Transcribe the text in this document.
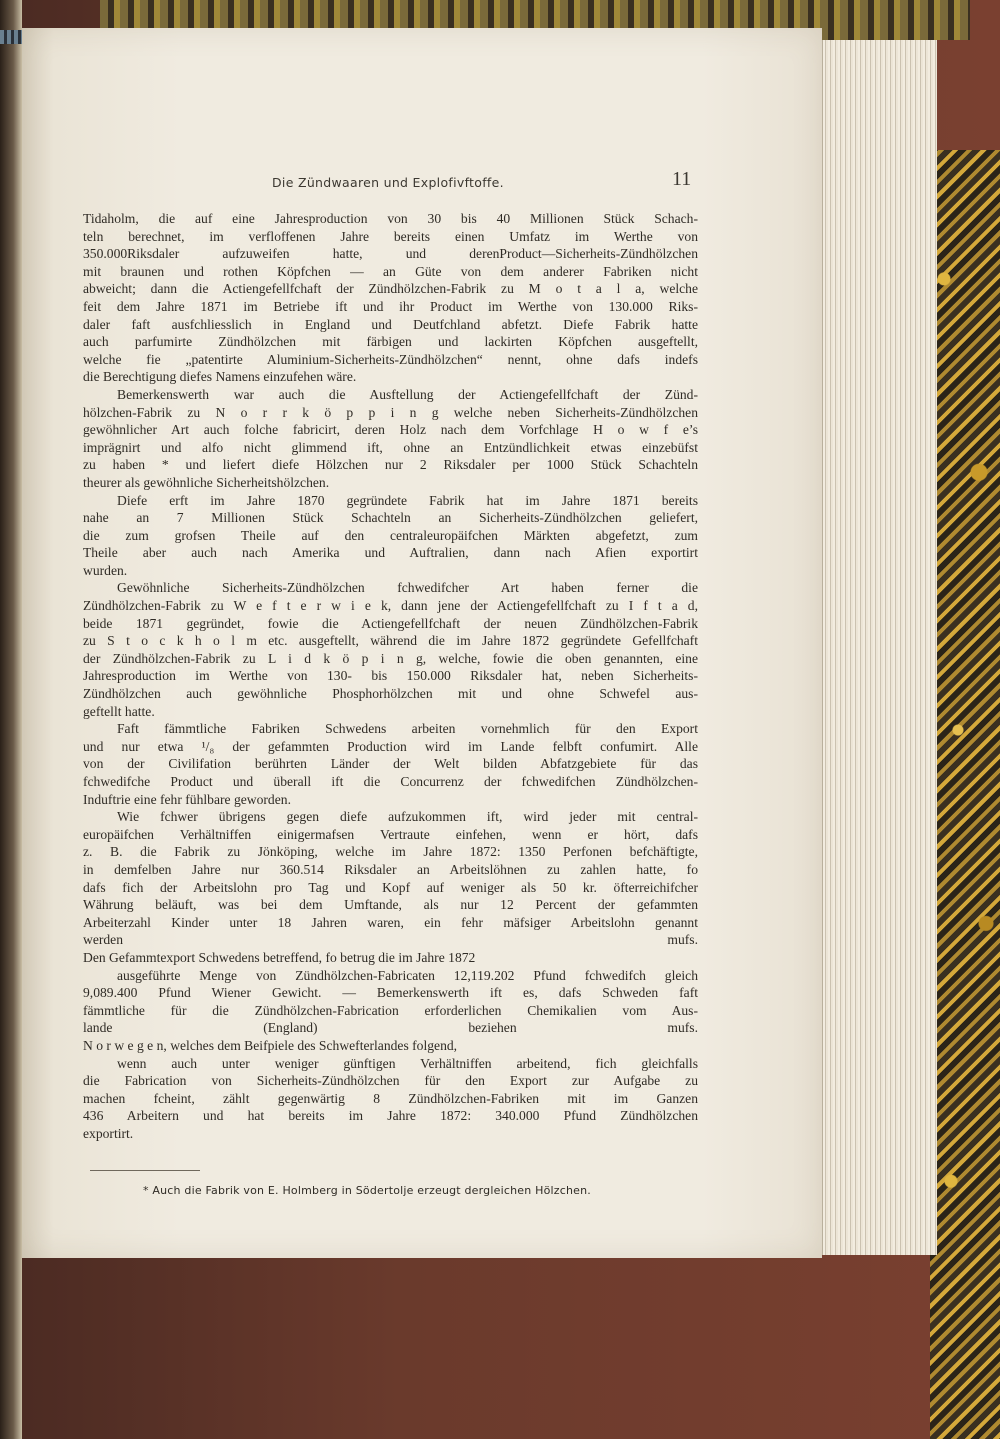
Die Zündwaaren und Explofivftoffe.	11
Tidaholm, die auf eine Jahresproduction von 30 bis 40 Millionen Stück Schach-
teln berechnet, im verfloffenen Jahre bereits einen Umfatz im Werthe von
350.000Riksdaler aufzuweifen hatte, und derenProduct—Sicherheits-Zündhölzchen
mit braunen und rothen Köpfchen — an Güte von dem anderer Fabriken nicht
abweicht; dann die Actiengefellfchaft der Zündhölzchen-Fabrik zu M o t a l a, welche
feit dem Jahre 1871 im Betriebe ift und ihr Product im Werthe von 130.000 Riks-
daler faft ausfchliesslich in England und Deutfchland abfetzt. Diefe Fabrik hatte
auch parfumirte Zündhölzchen mit färbigen und lackirten Köpfchen ausgeftellt,
welche fie „patentirte Aluminium-Sicherheits-Zündhölzchen“ nennt, ohne dafs indefs
die Berechtigung diefes Namens einzufehen wäre.
Bemerkenswerth war auch die Ausftellung der Actiengefellfchaft der Zünd-
hölzchen-Fabrik zu N o r r k ö p p i n g welche neben Sicherheits-Zündhölzchen
gewöhnlicher Art auch folche fabricirt, deren Holz nach dem Vorfchlage H o w f e’s
imprägnirt und alfo nicht glimmend ift, ohne an Entzündlichkeit etwas einzebüfst
zu haben * und liefert diefe Hölzchen nur 2 Riksdaler per 1000 Stück Schachteln
theurer als gewöhnliche Sicherheitshölzchen.
Diefe erft im Jahre 1870 gegründete Fabrik hat im Jahre 1871 bereits
nahe an 7 Millionen Stück Schachteln an Sicherheits-Zündhölzchen geliefert,
die zum grofsen Theile auf den centraleuropäifchen Märkten abgefetzt, zum
Theile aber auch nach Amerika und Auftralien, dann nach Afien exportirt
wurden.
Gewöhnliche Sicherheits-Zündhölzchen fchwedifcher Art haben ferner die
Zündhölzchen-Fabrik zu W e f t e r w i e k, dann jene der Actiengefellfchaft zu I f t a d,
beide 1871 gegründet, fowie die Actiengefellfchaft der neuen Zündhölzchen-Fabrik
zu S t o c k h o l m etc. ausgeftellt, während die im Jahre 1872 gegründete Gefellfchaft
der Zündhölzchen-Fabrik zu L i d k ö p i n g, welche, fowie die oben genannten, eine
Jahresproduction im Werthe von 130- bis 150.000 Riksdaler hat, neben Sicherheits-
Zündhölzchen auch gewöhnliche Phosphorhölzchen mit und ohne Schwefel aus-
geftellt hatte.
Faft fämmtliche Fabriken Schwedens arbeiten vornehmlich für den Export
und nur etwa ¹/₈ der gefammten Production wird im Lande felbft confumirt. Alle
von der Civilifation berührten Länder der Welt bilden Abfatzgebiete für das
fchwedifche Product und überall ift die Concurrenz der fchwedifchen Zündhölzchen-
Induftrie eine fehr fühlbare geworden.
Wie fchwer übrigens gegen diefe aufzukommen ift, wird jeder mit central-
europäifchen Verhältniffen einigermafsen Vertraute einfehen, wenn er hört, dafs
z. B. die Fabrik zu Jönköping, welche im Jahre 1872: 1350 Perfonen befchäftigte,
in demfelben Jahre nur 360.514 Riksdaler an Arbeitslöhnen zu zahlen hatte, fo
dafs fich der Arbeitslohn pro Tag und Kopf auf weniger als 50 kr. öfterreichifcher
Währung beläuft, was bei dem Umftande, als nur 12 Percent der gefammten
Arbeiterzahl Kinder unter 18 Jahren waren, ein fehr mäfsiger Arbeitslohn genannt
werden mufs.
Den Gefammtexport Schwedens betreffend, fo betrug die im Jahre 1872
ausgeführte Menge von Zündhölzchen-Fabricaten 12,119.202 Pfund fchwedifch gleich
9,089.400 Pfund Wiener Gewicht. — Bemerkenswerth ift es, dafs Schweden faft
fämmtliche für die Zündhölzchen-Fabrication erforderlichen Chemikalien vom Aus-
lande (England) beziehen mufs.
N o r w e g e n, welches dem Beifpiele des Schwefterlandes folgend,
wenn auch unter weniger günftigen Verhältniffen arbeitend, fich gleichfalls
die Fabrication von Sicherheits-Zündhölzchen für den Export zur Aufgabe zu
machen fcheint, zählt gegenwärtig 8 Zündhölzchen-Fabriken mit im Ganzen
436 Arbeitern und hat bereits im Jahre 1872: 340.000 Pfund Zündhölzchen
exportirt.
* Auch die Fabrik von E. Holmberg in Södertolje erzeugt dergleichen Hölzchen.
